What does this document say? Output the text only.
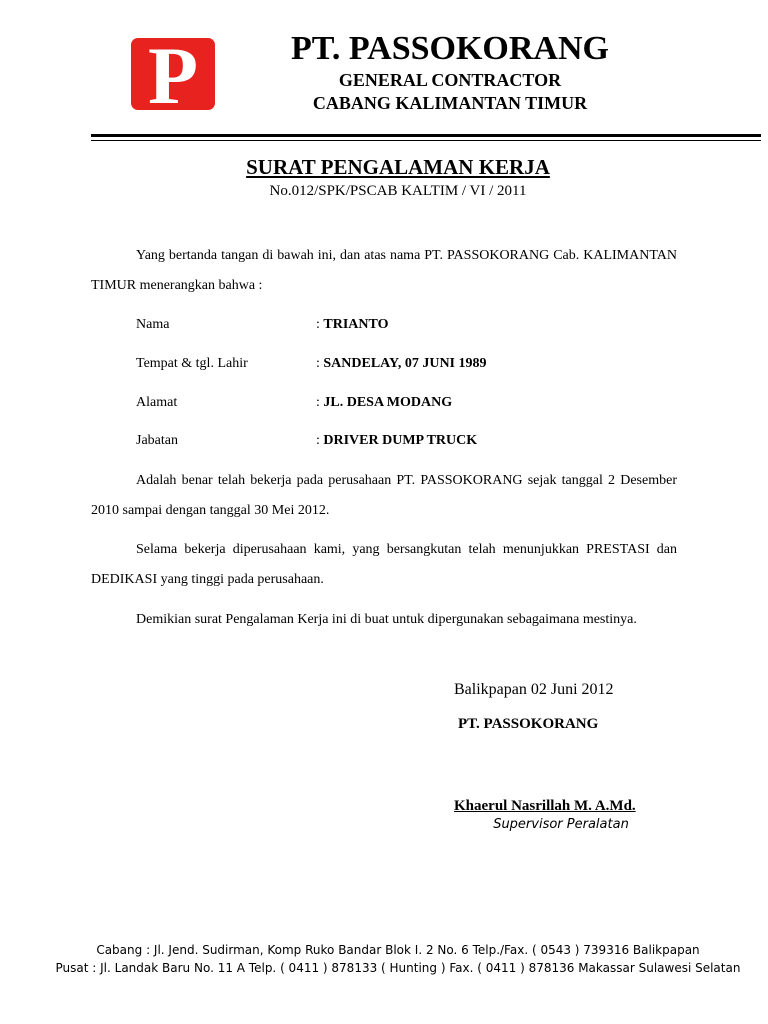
P	PT. PASSOKORANG
GENERAL CONTRACTOR
CABANG KALIMANTAN TIMUR
SURAT PENGALAMAN KERJA
No.012/SPK/PSCAB KALTIM / VI / 2011
Yang bertanda tangan di bawah ini, dan atas nama PT. PASSOKORANG Cab. KALIMANTAN TIMUR menerangkan bahwa :
Nama	: TRIANTO
Tempat & tgl. Lahir	: SANDELAY, 07 JUNI 1989
Alamat	: JL. DESA MODANG
Jabatan	: DRIVER DUMP TRUCK
Adalah benar telah bekerja pada perusahaan PT. PASSOKORANG sejak tanggal 2 Desember 2010 sampai dengan tanggal 30 Mei 2012.
Selama bekerja diperusahaan kami, yang bersangkutan telah menunjukkan PRESTASI dan DEDIKASI yang tinggi pada perusahaan.
Demikian surat Pengalaman Kerja ini di buat untuk dipergunakan sebagaimana mestinya.
Balikpapan 02 Juni 2012
PT. PASSOKORANG
Khaerul Nasrillah M. A.Md.
Supervisor Peralatan
Cabang : Jl. Jend. Sudirman, Komp Ruko Bandar Blok I. 2 No. 6 Telp./Fax. ( 0543 ) 739316 Balikpapan
Pusat : Jl. Landak Baru No. 11 A Telp. ( 0411 ) 878133 ( Hunting ) Fax. ( 0411 ) 878136 Makassar Sulawesi Selatan
